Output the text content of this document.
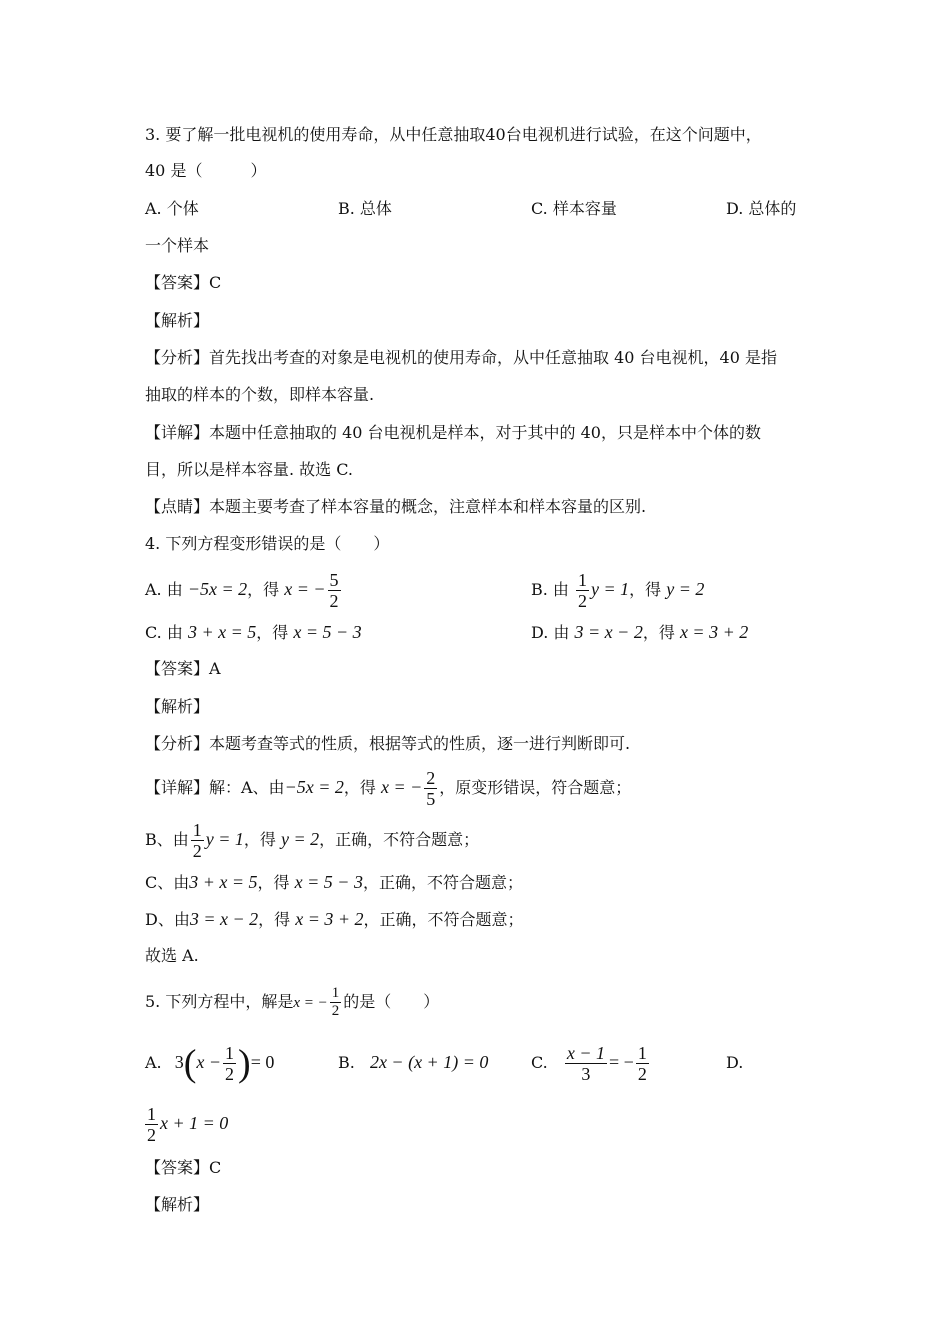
3. 要了解一批电视机的使用寿命，从中任意抽取40台电视机进行试验，在这个问题中，
40 是（　　　）
A. 个体	B. 总体	C. 样本容量	D. 总体的
一个样本
【答案】C
【解析】
【分析】首先找出考查的对象是电视机的使用寿命，从中任意抽取 40 台电视机，40 是指
抽取的样本的个数，即样本容量.
【详解】本题中任意抽取的 40 台电视机是样本，对于其中的 40，只是样本中个体的数
目，所以是样本容量. 故选 C.
【点睛】本题主要考查了样本容量的概念，注意样本和样本容量的区别.
4. 下列方程变形错误的是（　　）
A. 由 −5x = 2，得 x = − $\frac{5}{2}$	B. 由 $\frac{1}{2}$ y = 1，得 y = 2
C. 由 3 + x = 5，得 x = 5 − 3	D. 由 3 = x − 2，得 x = 3 + 2
【答案】A
【解析】
【分析】本题考查等式的性质，根据等式的性质，逐一进行判断即可.
【详解】解：A、由−5x = 2，得 x = − $\frac{2}{5}$ ，原变形错误，符合题意；
B、由 $\frac{1}{2}$ y = 1，得 y = 2，正确，不符合题意；
C、由3 + x = 5，得 x = 5 − 3，正确，不符合题意；
D、由3 = x − 2，得 x = 3 + 2，正确，不符合题意；
故选 A.
5. 下列方程中，解是x = − $\frac{1}{2}$ 的是（　　）
A. $3(x - \frac{1}{2}$ )= 0	B. 2x − (x + 1) = 0	C. $\frac{x - 1}{3}$ = − $\frac{1}{2}$	D.
$\frac{1}{2}$ x + 1 = 0
【答案】C
【解析】
